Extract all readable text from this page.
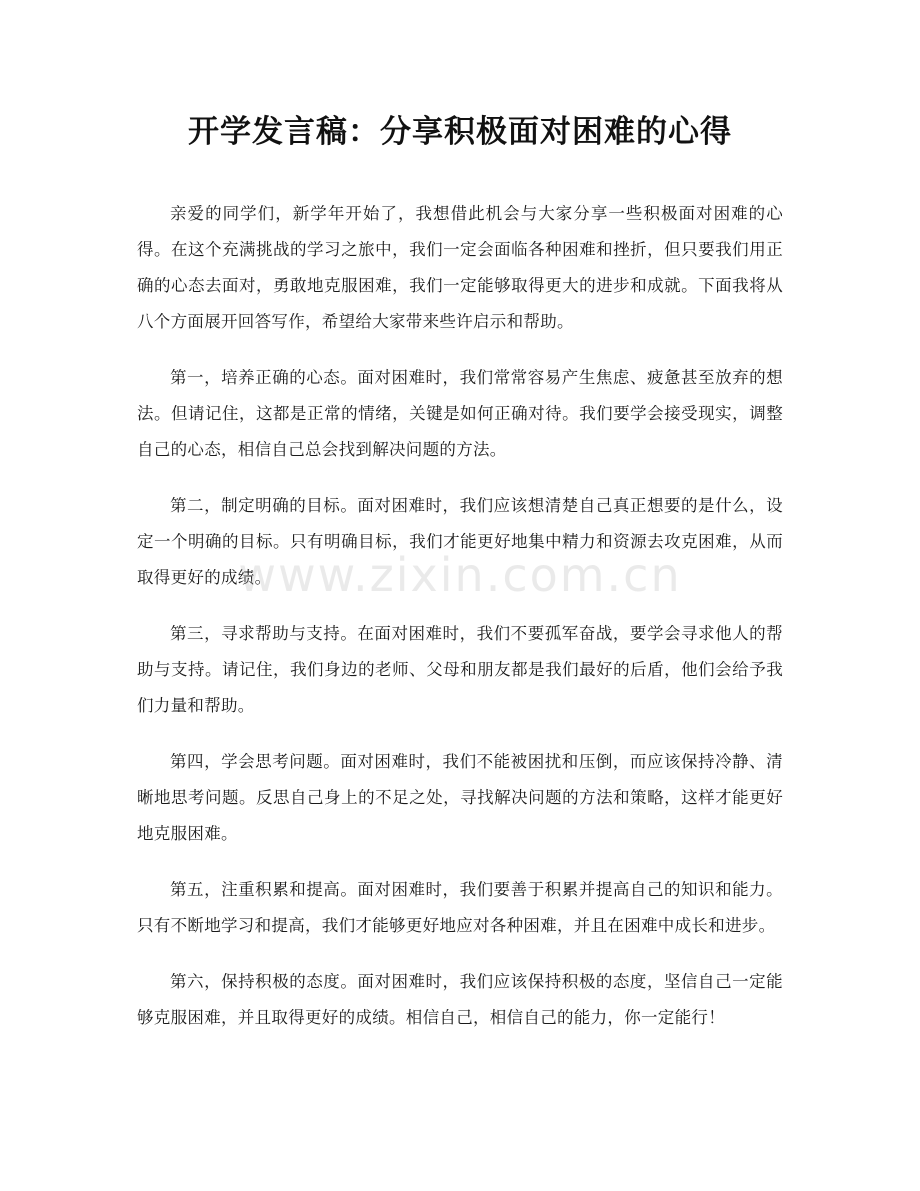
开学发言稿：分享积极面对困难的心得

亲爱的同学们，新学年开始了，我想借此机会与大家分享一些积极面对困难的心得。在这个充满挑战的学习之旅中，我们一定会面临各种困难和挫折，但只要我们用正确的心态去面对，勇敢地克服困难，我们一定能够取得更大的进步和成就。下面我将从八个方面展开回答写作，希望给大家带来些许启示和帮助。

第一，培养正确的心态。面对困难时，我们常常容易产生焦虑、疲惫甚至放弃的想法。但请记住，这都是正常的情绪，关键是如何正确对待。我们要学会接受现实，调整自己的心态，相信自己总会找到解决问题的方法。

第二，制定明确的目标。面对困难时，我们应该想清楚自己真正想要的是什么，设定一个明确的目标。只有明确目标，我们才能更好地集中精力和资源去攻克困难，从而取得更好的成绩。

第三，寻求帮助与支持。在面对困难时，我们不要孤军奋战，要学会寻求他人的帮助与支持。请记住，我们身边的老师、父母和朋友都是我们最好的后盾，他们会给予我们力量和帮助。

第四，学会思考问题。面对困难时，我们不能被困扰和压倒，而应该保持冷静、清晰地思考问题。反思自己身上的不足之处，寻找解决问题的方法和策略，这样才能更好地克服困难。

第五，注重积累和提高。面对困难时，我们要善于积累并提高自己的知识和能力。只有不断地学习和提高，我们才能够更好地应对各种困难，并且在困难中成长和进步。

第六，保持积极的态度。面对困难时，我们应该保持积极的态度，坚信自己一定能够克服困难，并且取得更好的成绩。相信自己，相信自己的能力，你一定能行！

www.zixin.com.cn
